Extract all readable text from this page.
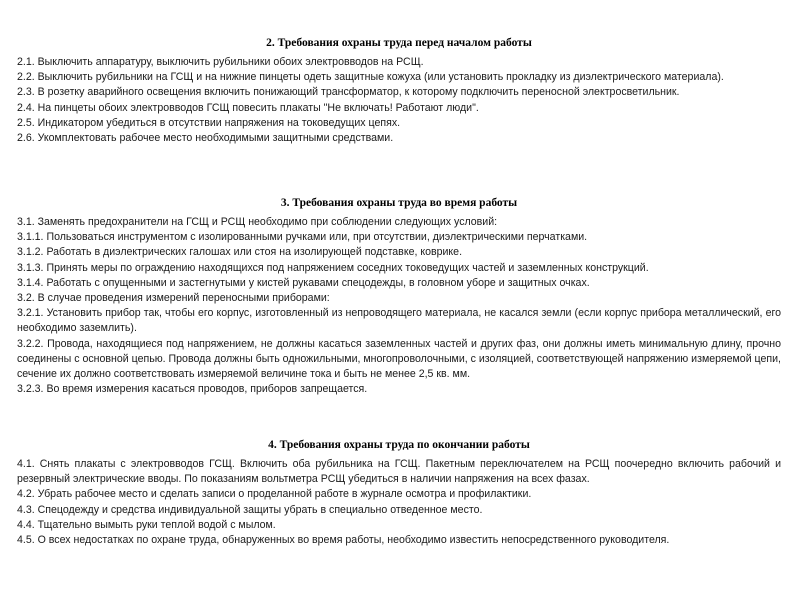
2. Требования охраны труда перед началом работы

2.1. Выключить аппаратуру, выключить рубильники обоих электровводов на РСЩ.

2.2. Выключить рубильники на ГСЩ и на нижние пинцеты одеть защитные кожуха (или установить прокладку из диэлектрического материала).

2.3. В розетку аварийного освещения включить понижающий трансформатор, к которому подключить переносной электросветильник.

2.4. На пинцеты обоих электровводов ГСЩ повесить плакаты "Не включать! Работают люди".

2.5. Индикатором убедиться в отсутствии напряжения на токоведущих цепях.

2.6. Укомплектовать рабочее место необходимыми защитными средствами.

3. Требования охраны труда во время работы

3.1. Заменять предохранители на ГСЩ и РСЩ необходимо при соблюдении следующих условий:

3.1.1. Пользоваться инструментом с изолированными ручками или, при отсутствии, диэлектрическими перчатками.

3.1.2. Работать в диэлектрических галошах или стоя на изолирующей подставке, коврике.

3.1.3. Принять меры по ограждению находящихся под напряжением соседних токоведущих частей и заземленных конструкций.

3.1.4. Работать с опущенными и застегнутыми у кистей рукавами спецодежды, в головном уборе и защитных очках.

3.2. В случае проведения измерений переносными приборами:

3.2.1. Установить прибор так, чтобы его корпус, изготовленный из непроводящего материала, не касался земли (если корпус прибора металлический, его необходимо заземлить).

3.2.2. Провода, находящиеся под напряжением, не должны касаться заземленных частей и других фаз, они должны иметь минимальную длину, прочно соединены с основной цепью. Провода должны быть одножильными, многопроволочными, с изоляцией, соответствующей напряжению измеряемой цепи, сечение их должно соответствовать измеряемой величине тока и быть не менее 2,5 кв. мм.

3.2.3. Во время измерения касаться проводов, приборов запрещается.

4. Требования охраны труда по окончании работы

4.1. Снять плакаты с электровводов ГСЩ. Включить оба рубильника на ГСЩ. Пакетным переключателем на РСЩ поочередно включить рабочий и резервный электрические вводы. По показаниям вольтметра РСЩ убедиться в наличии напряжения на всех фазах.

4.2. Убрать рабочее место и сделать записи о проделанной работе в журнале осмотра и профилактики.

4.3. Спецодежду и средства индивидуальной защиты убрать в специально отведенное место.

4.4. Тщательно вымыть руки теплой водой с мылом.

4.5. О всех недостатках по охране труда, обнаруженных во время работы, необходимо известить непосредственного руководителя.
